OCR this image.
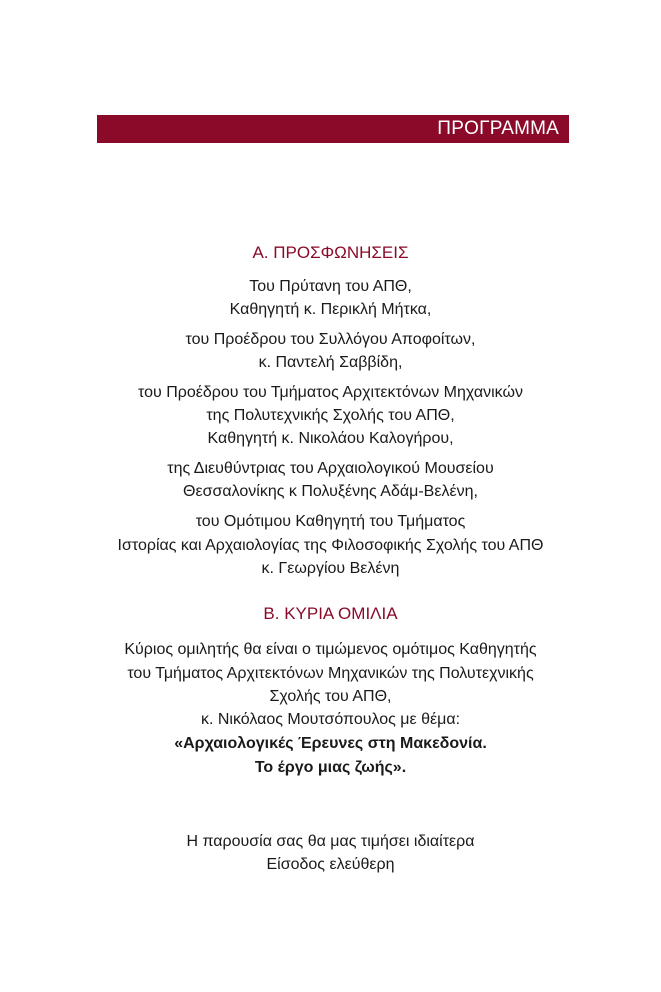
ΠΡΟΓΡΑΜΜΑ
Α. ΠΡΟΣΦΩΝΗΣΕΙΣ
Του Πρύτανη του ΑΠΘ,
Καθηγητή κ. Περικλή Μήτκα,
του Προέδρου του Συλλόγου Αποφοίτων,
κ. Παντελή Σαββίδη,
του Προέδρου του Τμήματος Αρχιτεκτόνων Μηχανικών
της Πολυτεχνικής Σχολής του ΑΠΘ,
Καθηγητή κ. Νικολάου Καλογήρου,
της Διευθύντριας του Αρχαιολογικού Μουσείου
Θεσσαλονίκης κ Πολυξένης Αδάμ-Βελένη,
του Ομότιμου Καθηγητή του Τμήματος
Ιστορίας και Αρχαιολογίας της Φιλοσοφικής Σχολής του ΑΠΘ
κ. Γεωργίου Βελένη
Β. ΚΥΡΙΑ ΟΜΙΛΙΑ
Κύριος ομιλητής θα είναι ο τιμώμενος ομότιμος Καθηγητής
του Τμήματος Αρχιτεκτόνων Μηχανικών της Πολυτεχνικής
Σχολής του ΑΠΘ,
κ. Νικόλαος Μουτσόπουλος με θέμα:
«Αρχαιολογικές Έρευνες στη Μακεδονία.
Το έργο μιας ζωής».
Η παρουσία σας θα μας τιμήσει ιδιαίτερα
Είσοδος ελεύθερη
